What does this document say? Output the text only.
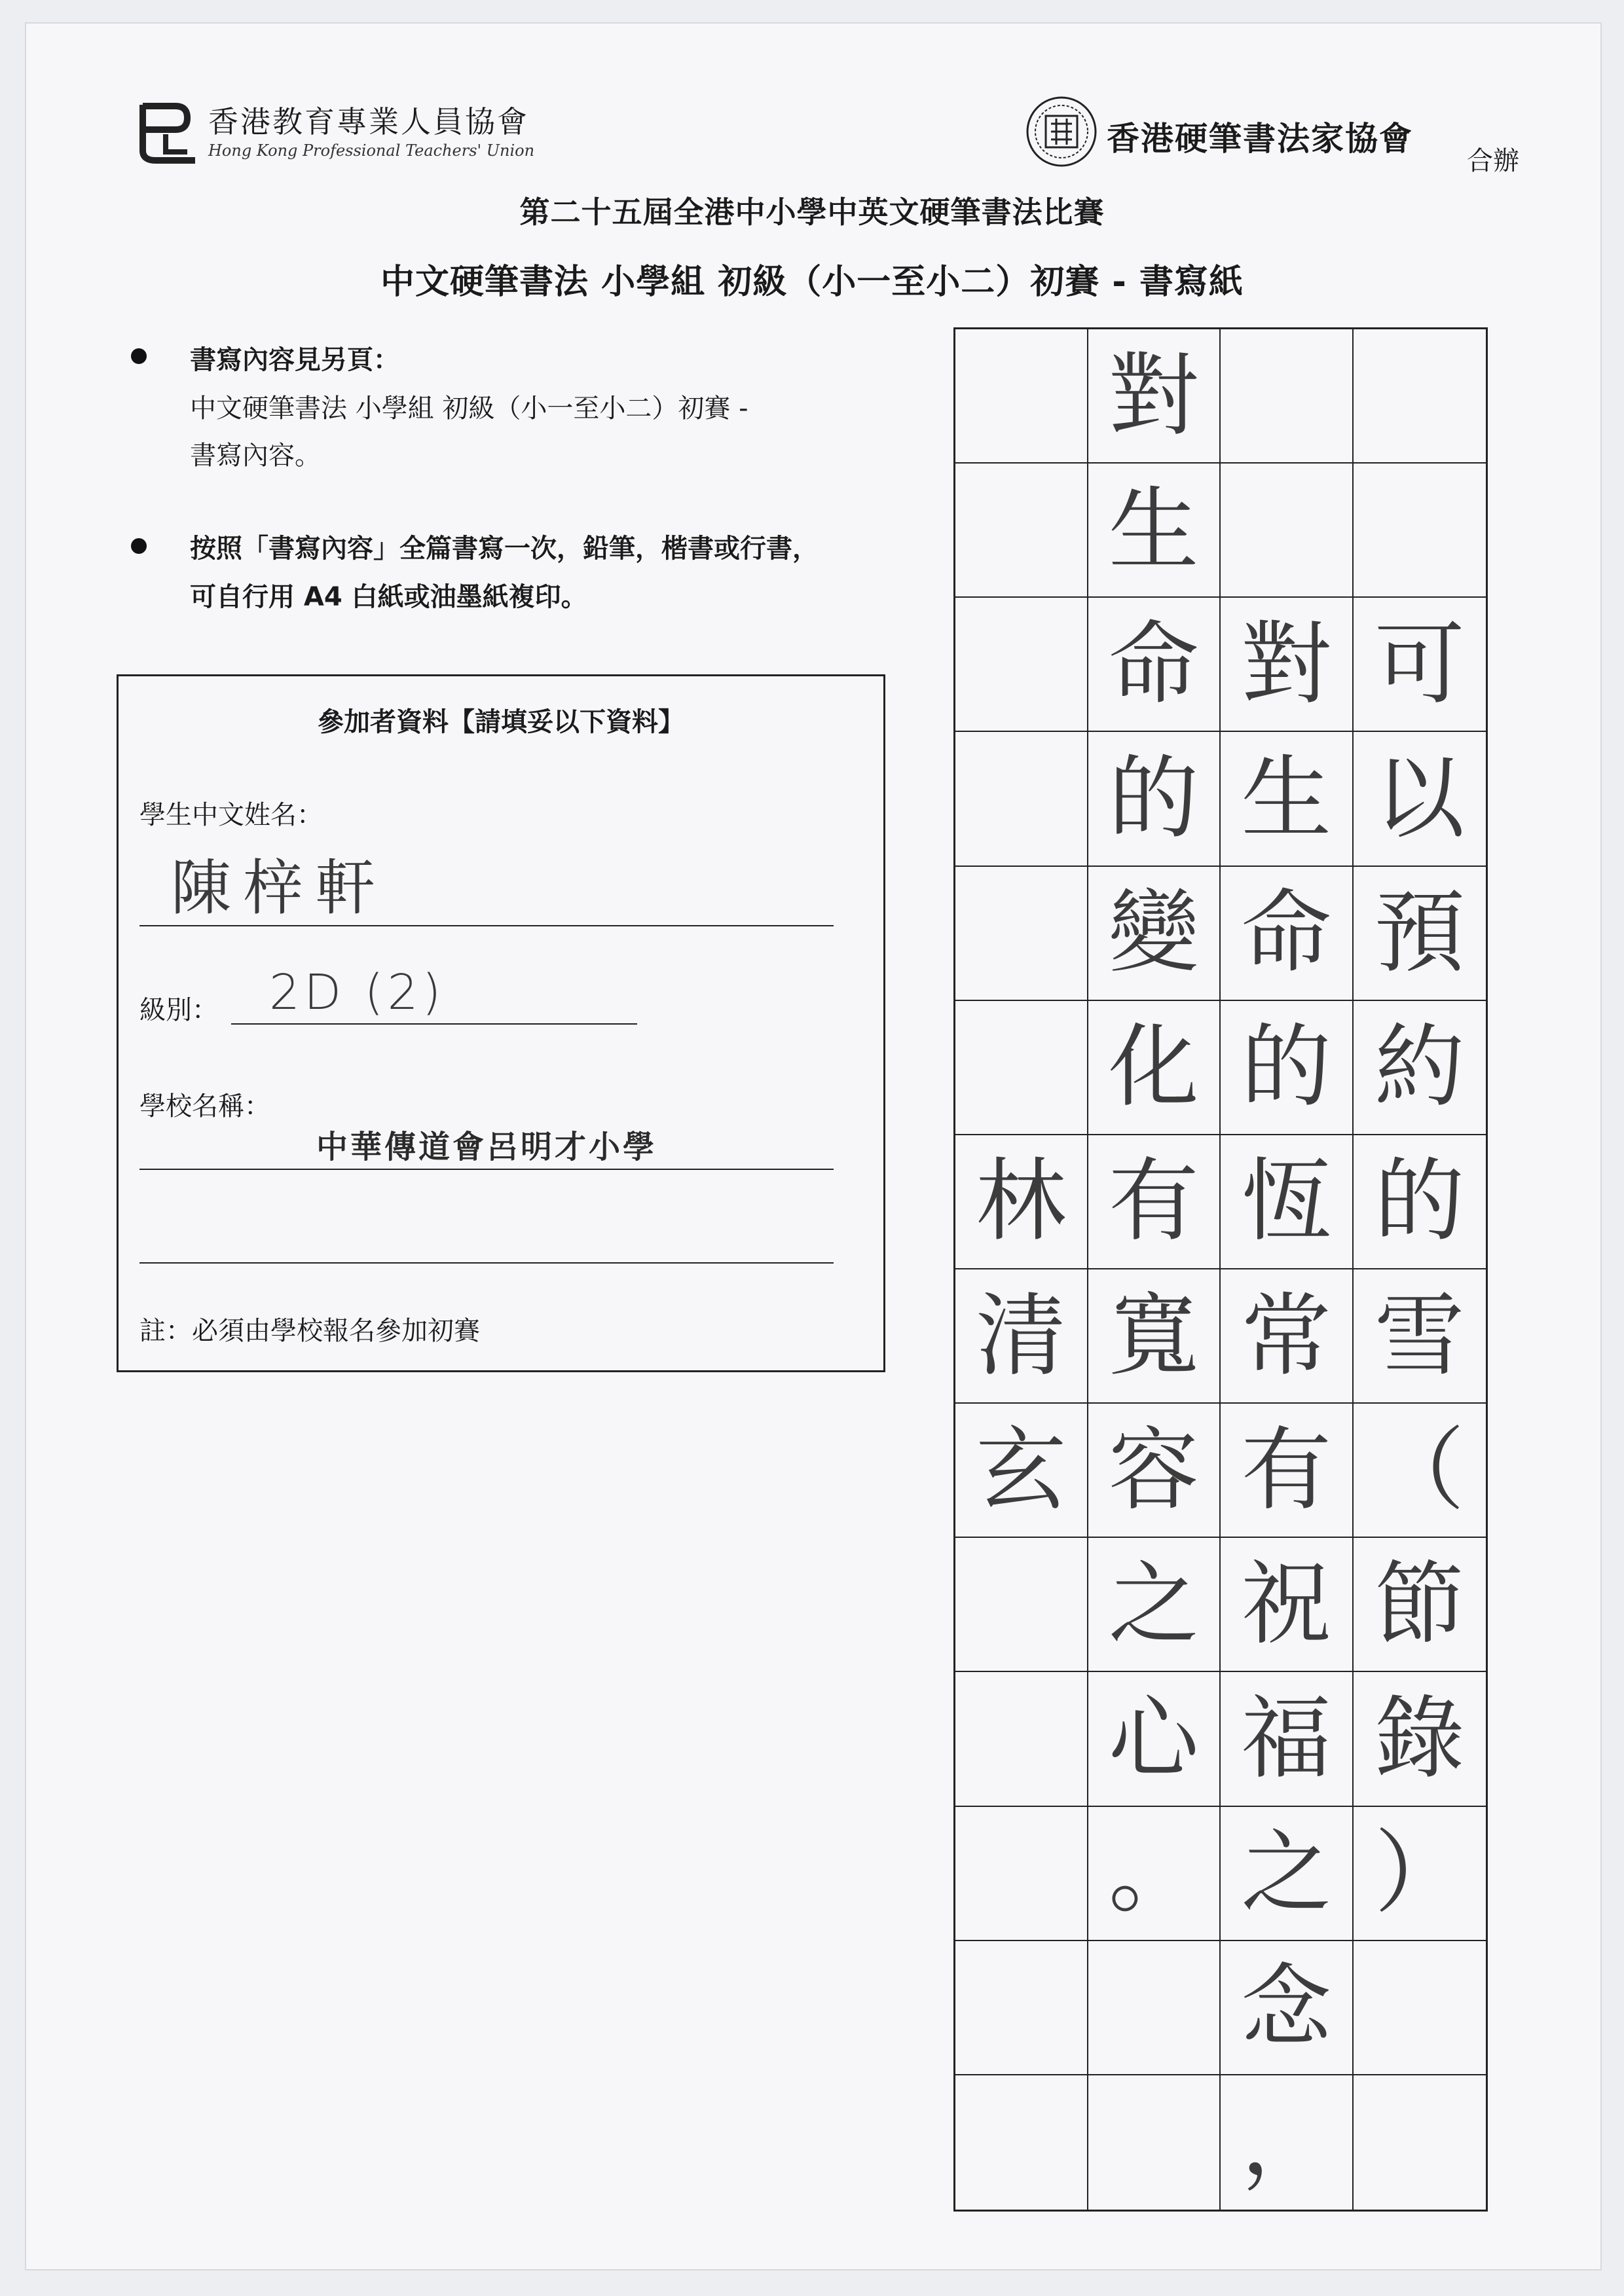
香港教育專業人員協會
Hong Kong Professional Teachers' Union	香港硬筆書法家協會
合辦
第二十五屆全港中小學中英文硬筆書法比賽
中文硬筆書法 小學組 初級（小一至小二）初賽 - 書寫紙
書寫內容見另頁：
中文硬筆書法 小學組 初級（小一至小二）初賽 -
書寫內容。
按照「書寫內容」全篇書寫一次，鉛筆，楷書或行書，
可自行用 A4 白紙或油墨紙複印。
參加者資料【請填妥以下資料】
學生中文姓名：
陳梓軒
級別： 2D (2)
學校名稱：
中華傳道會呂明才小學
註：必須由學校報名參加初賽
對
生
命 對 可
的 生 以
變 命 預
化 的 約
林 有 恆 的
清 寬 常 雪
玄 容 有 （
之 祝 節
心 福 錄
。 之 ）
念
，
